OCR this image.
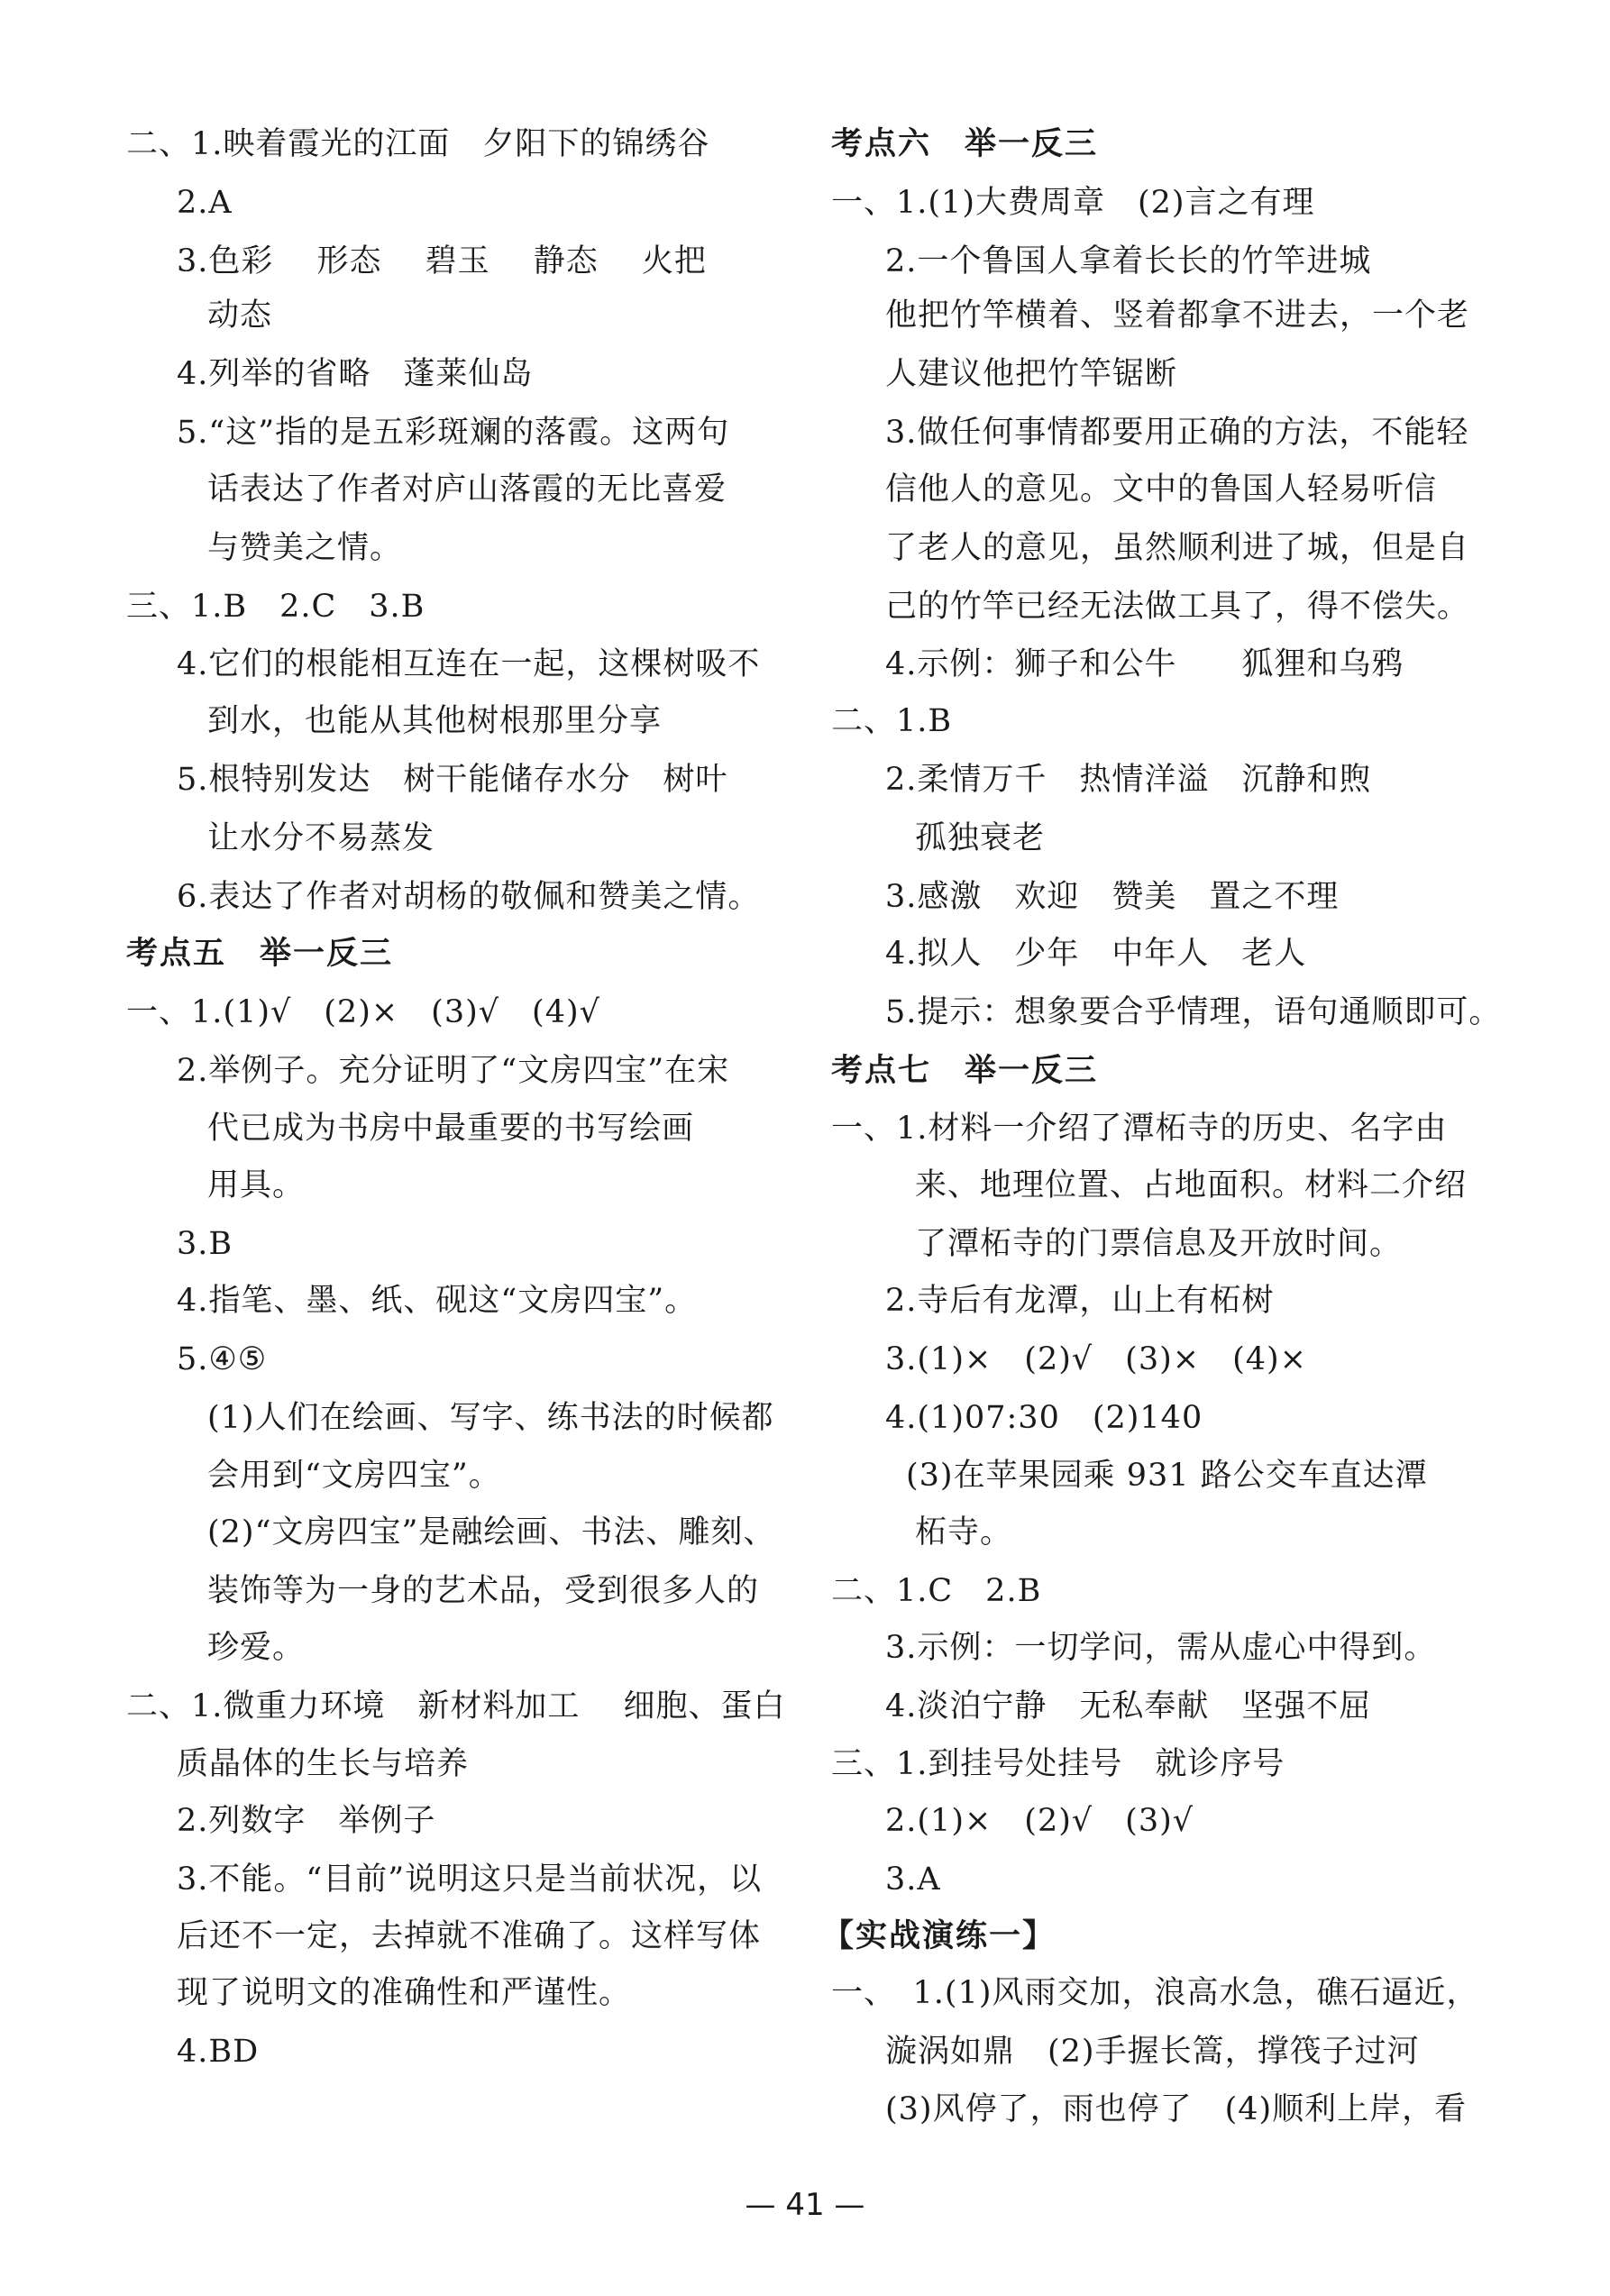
二、1.映着霞光的江面　夕阳下的锦绣谷
2.A
3.色彩　 形态　 碧玉　 静态　 火把
动态
4.列举的省略　蓬莱仙岛
5.“这”指的是五彩斑斓的落霞。这两句
话表达了作者对庐山落霞的无比喜爱
与赞美之情。
三、1.B　2.C　3.B
4.它们的根能相互连在一起，这棵树吸不
到水，也能从其他树根那里分享
5.根特别发达　树干能储存水分　树叶
让水分不易蒸发
6.表达了作者对胡杨的敬佩和赞美之情。
考点五　举一反三
一、1.(1)√　(2)×　(3)√　(4)√
2.举例子。充分证明了“文房四宝”在宋
代已成为书房中最重要的书写绘画
用具。
3.B
4.指笔、墨、纸、砚这“文房四宝”。
5.④⑤
(1)人们在绘画、写字、练书法的时候都
会用到“文房四宝”。
(2)“文房四宝”是融绘画、书法、雕刻、
装饰等为一身的艺术品，受到很多人的
珍爱。
二、1.微重力环境　新材料加工　 细胞、蛋白
质晶体的生长与培养
2.列数字　举例子
3.不能。“目前”说明这只是当前状况，以
后还不一定，去掉就不准确了。这样写体
现了说明文的准确性和严谨性。
4.BD
考点六　举一反三
一、1.(1)大费周章　(2)言之有理
2.一个鲁国人拿着长长的竹竿进城
他把竹竿横着、竖着都拿不进去，一个老
人建议他把竹竿锯断
3.做任何事情都要用正确的方法，不能轻
信他人的意见。文中的鲁国人轻易听信
了老人的意见，虽然顺利进了城，但是自
己的竹竿已经无法做工具了，得不偿失。
4.示例：狮子和公牛　　狐狸和乌鸦
二、1.B
2.柔情万千　热情洋溢　沉静和煦
孤独衰老
3.感激　欢迎　赞美　置之不理
4.拟人　少年　中年人　老人
5.提示：想象要合乎情理，语句通顺即可。
考点七　举一反三
一、1.材料一介绍了潭柘寺的历史、名字由
来、地理位置、占地面积。材料二介绍
了潭柘寺的门票信息及开放时间。
2.寺后有龙潭，山上有柘树
3.(1)×　(2)√　(3)×　(4)×
4.(1)07:30　(2)140
(3)在苹果园乘 931 路公交车直达潭
柘寺。
二、1.C　2.B
3.示例：一切学问，需从虚心中得到。
4.淡泊宁静　无私奉献　坚强不屈
三、1.到挂号处挂号　就诊序号
2.(1)×　(2)√　(3)√
3.A
【实战演练一】
一、　1.(1)风雨交加，浪高水急，礁石逼近，
漩涡如鼎　(2)手握长篙，撑筏子过河
(3)风停了，雨也停了　(4)顺利上岸，看
— 41 —
